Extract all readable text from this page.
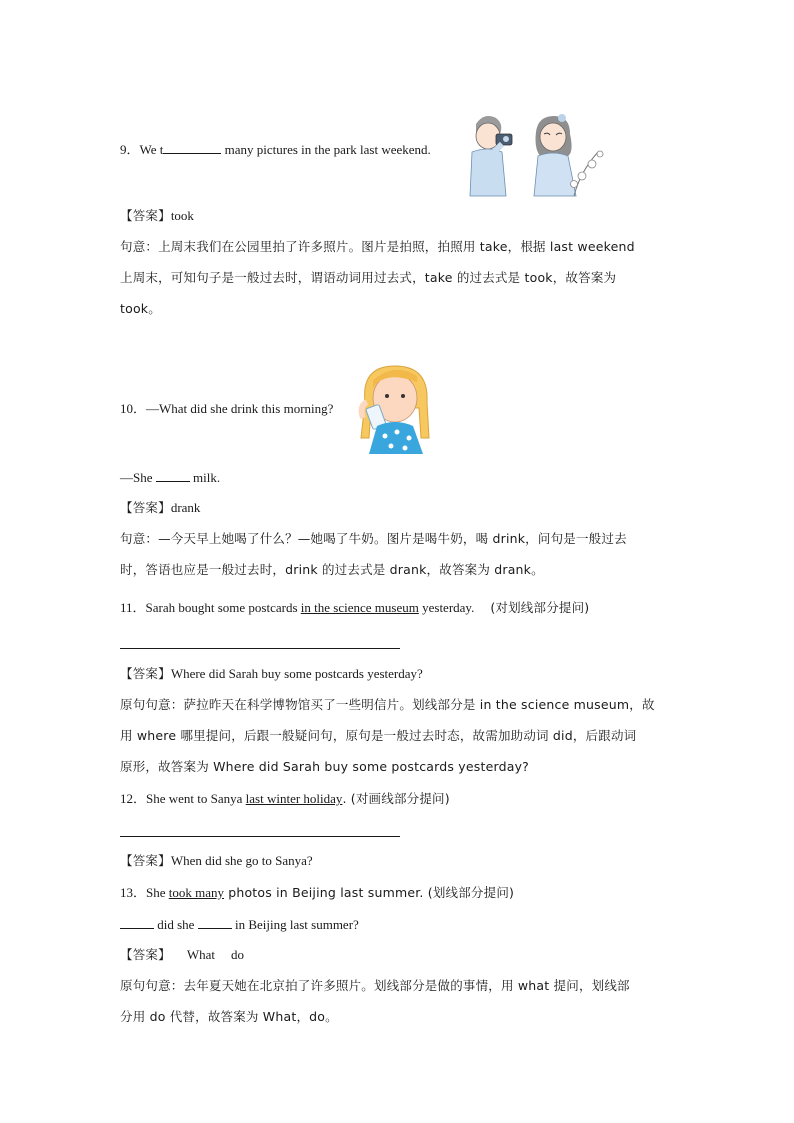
9．We t	many pictures in the park last weekend.
【答案】took
句意：上周末我们在公园里拍了许多照片。图片是拍照，拍照用 take，根据 last weekend
上周末，可知句子是一般过去时，谓语动词用过去式，take 的过去式是 took，故答案为
took。
10．—What did she drink this morning?
—She	milk.
【答案】drank
句意：—今天早上她喝了什么？—她喝了牛奶。图片是喝牛奶，喝 drink，问句是一般过去
时，答语也应是一般过去时，drink 的过去式是 drank，故答案为 drank。
11．Sarah bought some postcards in the science museum yesterday. (对划线部分提问)
【答案】Where did Sarah buy some postcards yesterday?
原句句意：萨拉昨天在科学博物馆买了一些明信片。划线部分是 in the science museum，故
用 where 哪里提问，后跟一般疑问句，原句是一般过去时态，故需加助动词 did，后跟动词
原形，故答案为 Where did Sarah buy some postcards yesterday?
12．She went to Sanya last winter holiday. (对画线部分提问)
【答案】When did she go to Sanya?
13．She took many photos in Beijing last summer. (划线部分提问)
did she	in Beijing last summer?
【答案】 What do
原句句意：去年夏天她在北京拍了许多照片。划线部分是做的事情，用 what 提问，划线部
分用 do 代替，故答案为 What，do。
